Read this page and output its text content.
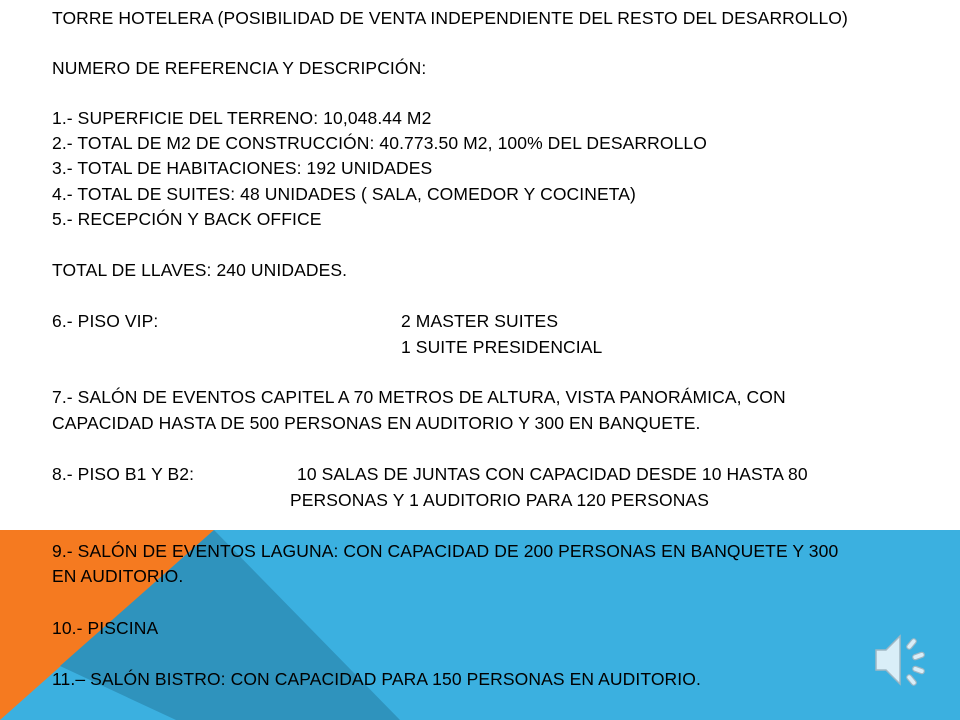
TORRE HOTELERA (POSIBILIDAD DE VENTA INDEPENDIENTE DEL RESTO DEL DESARROLLO)
NUMERO DE REFERENCIA Y DESCRIPCIÓN:
1.- SUPERFICIE DEL TERRENO: 10,048.44 M2
2.- TOTAL DE M2 DE CONSTRUCCIÓN: 40.773.50 M2, 100% DEL DESARROLLO
3.- TOTAL DE HABITACIONES: 192 UNIDADES
4.- TOTAL DE SUITES: 48 UNIDADES ( SALA, COMEDOR Y COCINETA)
5.- RECEPCIÓN Y BACK OFFICE
TOTAL DE LLAVES: 240 UNIDADES.
6.- PISO VIP:	2 MASTER SUITES
1 SUITE PRESIDENCIAL
7.- SALÓN DE EVENTOS CAPITEL A 70 METROS DE ALTURA, VISTA PANORÁMICA, CON
CAPACIDAD HASTA DE 500 PERSONAS EN AUDITORIO Y 300 EN BANQUETE.
8.- PISO B1 Y B2:	10 SALAS DE JUNTAS CON CAPACIDAD DESDE 10 HASTA 80
PERSONAS Y 1 AUDITORIO PARA 120 PERSONAS
9.- SALÓN DE EVENTOS LAGUNA: CON CAPACIDAD DE 200 PERSONAS EN BANQUETE Y 300
EN AUDITORIO.
10.- PISCINA
11.– SALÓN BISTRO: CON CAPACIDAD PARA 150 PERSONAS EN AUDITORIO.
